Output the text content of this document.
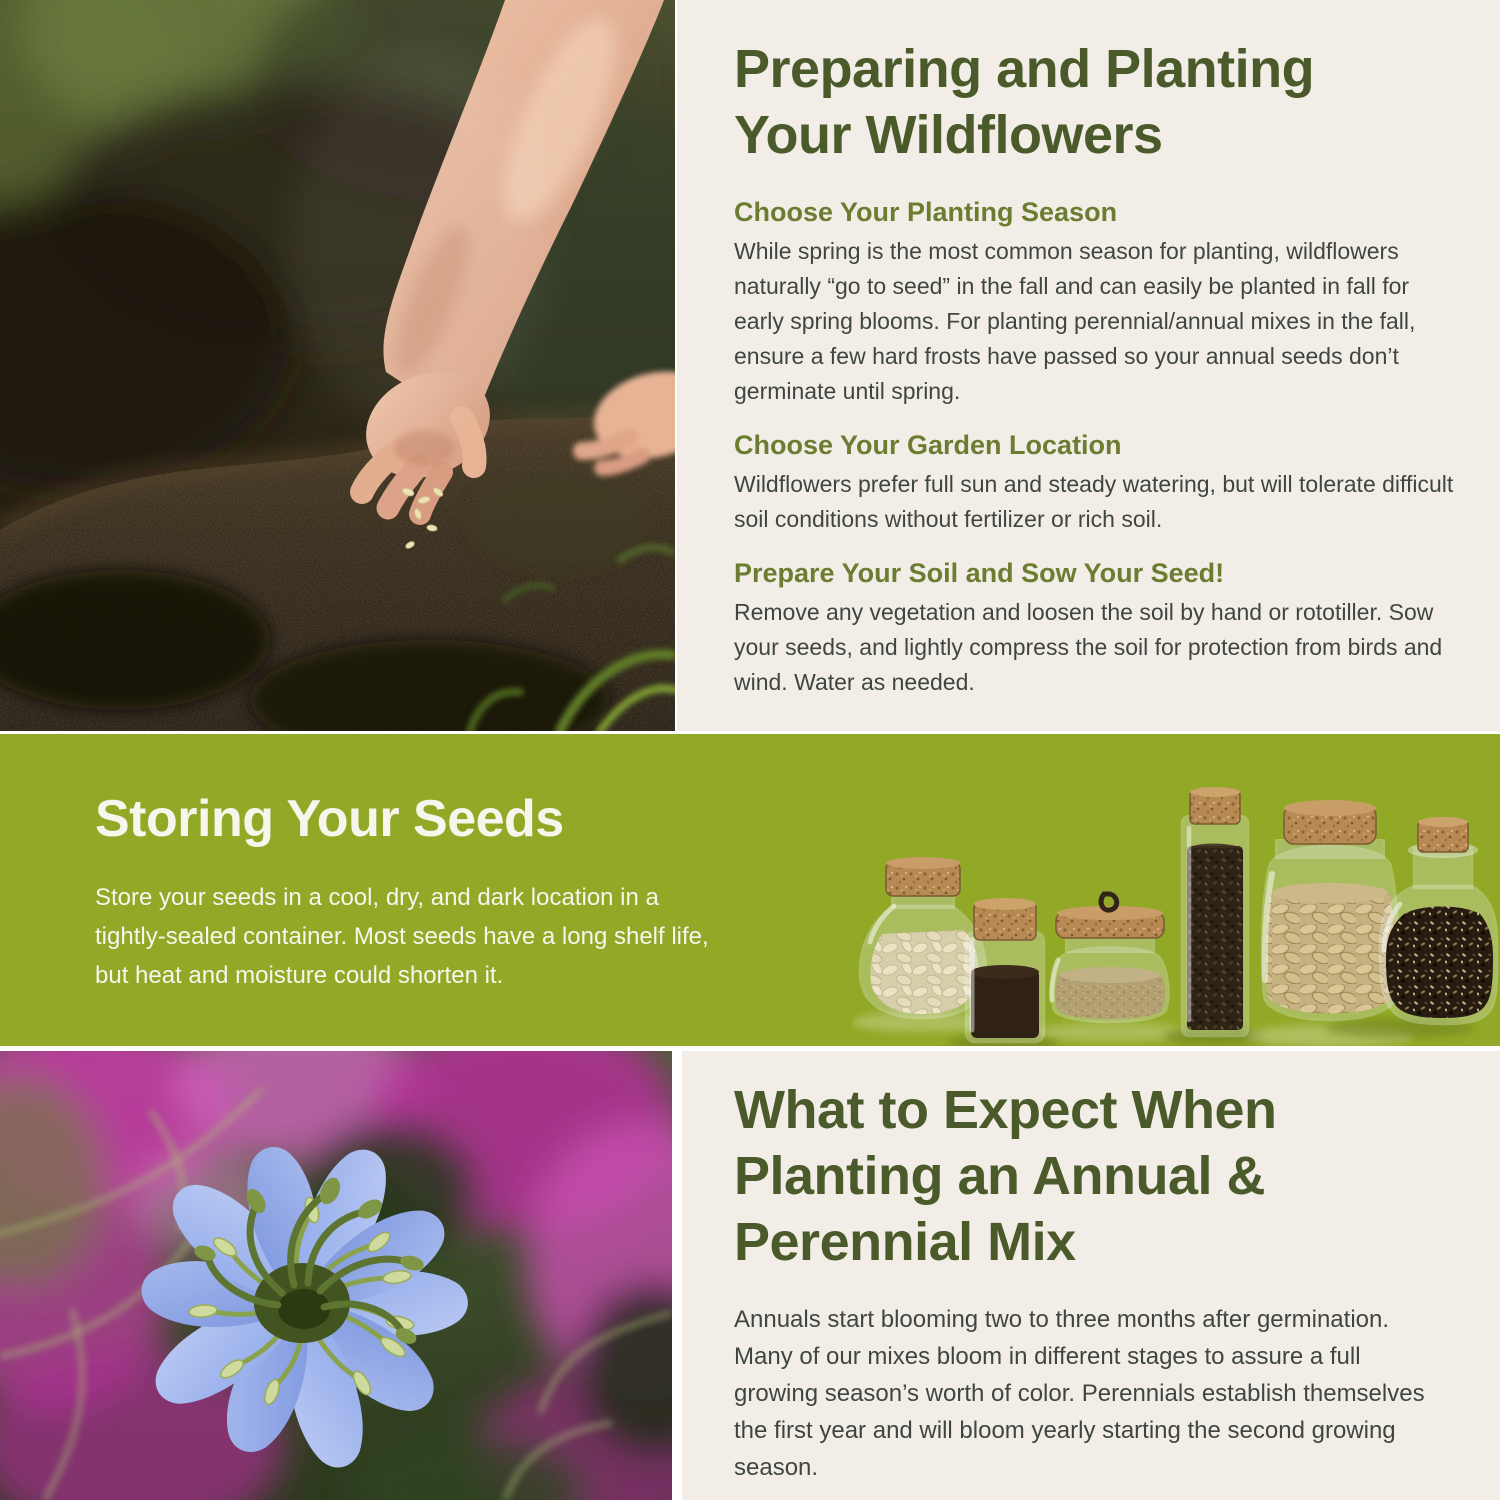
Preparing and Planting
Your Wildflowers
Choose Your Planting Season

While spring is the most common season for planting, wildflowers naturally “go to seed” in the fall and can easily be planted in fall for early spring blooms. For planting perennial/annual mixes in the fall, ensure a few hard frosts have passed so your annual seeds don’t germinate until spring.

Choose Your Garden Location

Wildflowers prefer full sun and steady watering, but will tolerate difficult soil conditions without fertilizer or rich soil.

Prepare Your Soil and Sow Your Seed!

Remove any vegetation and loosen the soil by hand or rototiller. Sow your seeds, and lightly compress the soil for protection from birds and wind. Water as needed.

Storing Your Seeds

Store your seeds in a cool, dry, and dark location in a tightly-sealed container. Most seeds have a long shelf life, but heat and moisture could shorten it.

What to Expect When
Planting an Annual &
Perennial Mix

Annuals start blooming two to three months after germination. Many of our mixes bloom in different stages to assure a full growing season’s worth of color. Perennials establish themselves the first year and will bloom yearly starting the second growing season.
